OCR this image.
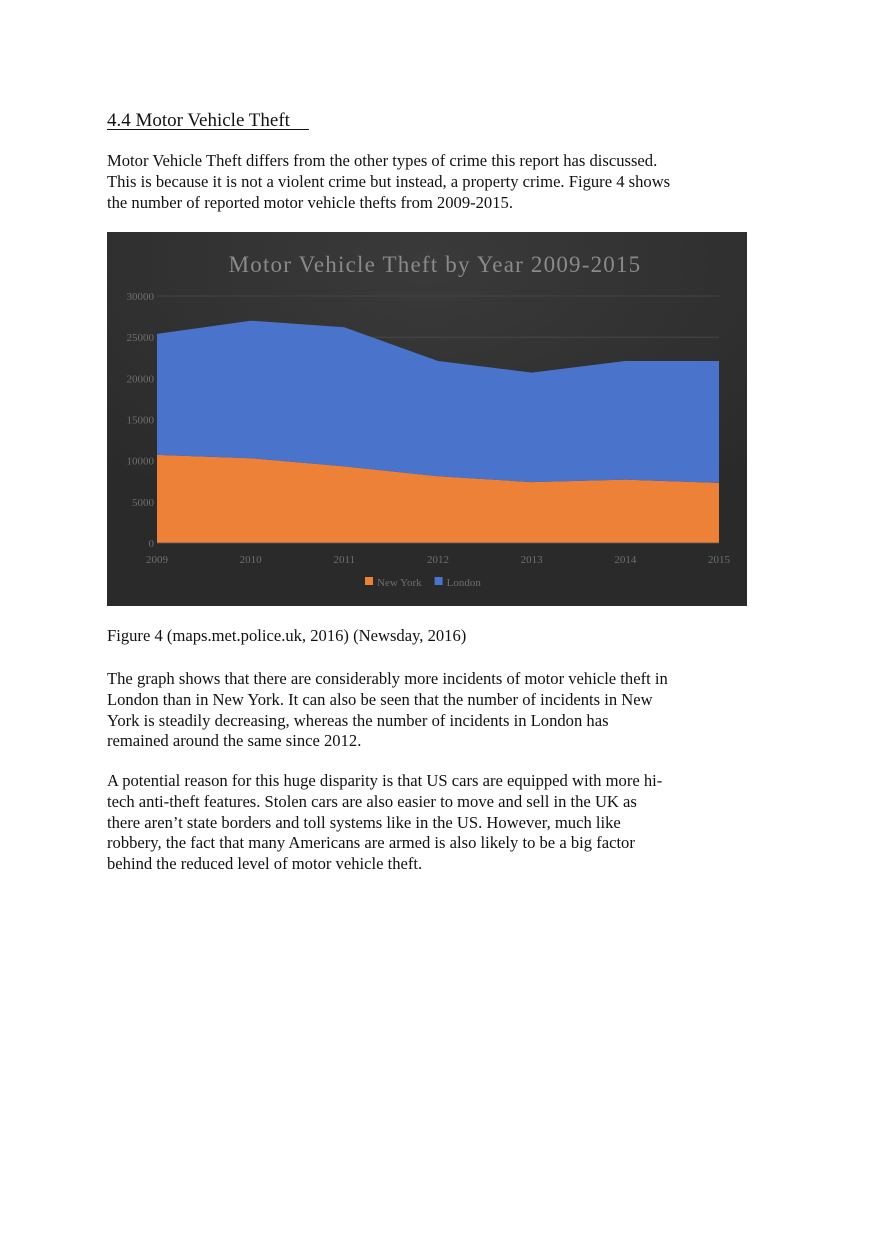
4.4 Motor Vehicle Theft

Motor Vehicle Theft differs from the other types of crime this report has discussed.
This is because it is not a violent crime but instead, a property crime. Figure 4 shows
the number of reported motor vehicle thefts from 2009-2015.

Motor Vehicle Theft by Year 2009-2015
0
5000
10000
15000
20000
25000
30000
2009	2010	2011	2012	2013	2014	2015
New York London

Figure 4 (maps.met.police.uk, 2016) (Newsday, 2016)

The graph shows that there are considerably more incidents of motor vehicle theft in
London than in New York. It can also be seen that the number of incidents in New
York is steadily decreasing, whereas the number of incidents in London has
remained around the same since 2012.

A potential reason for this huge disparity is that US cars are equipped with more hi-
tech anti-theft features. Stolen cars are also easier to move and sell in the UK as
there aren’t state borders and toll systems like in the US. However, much like
robbery, the fact that many Americans are armed is also likely to be a big factor
behind the reduced level of motor vehicle theft.
